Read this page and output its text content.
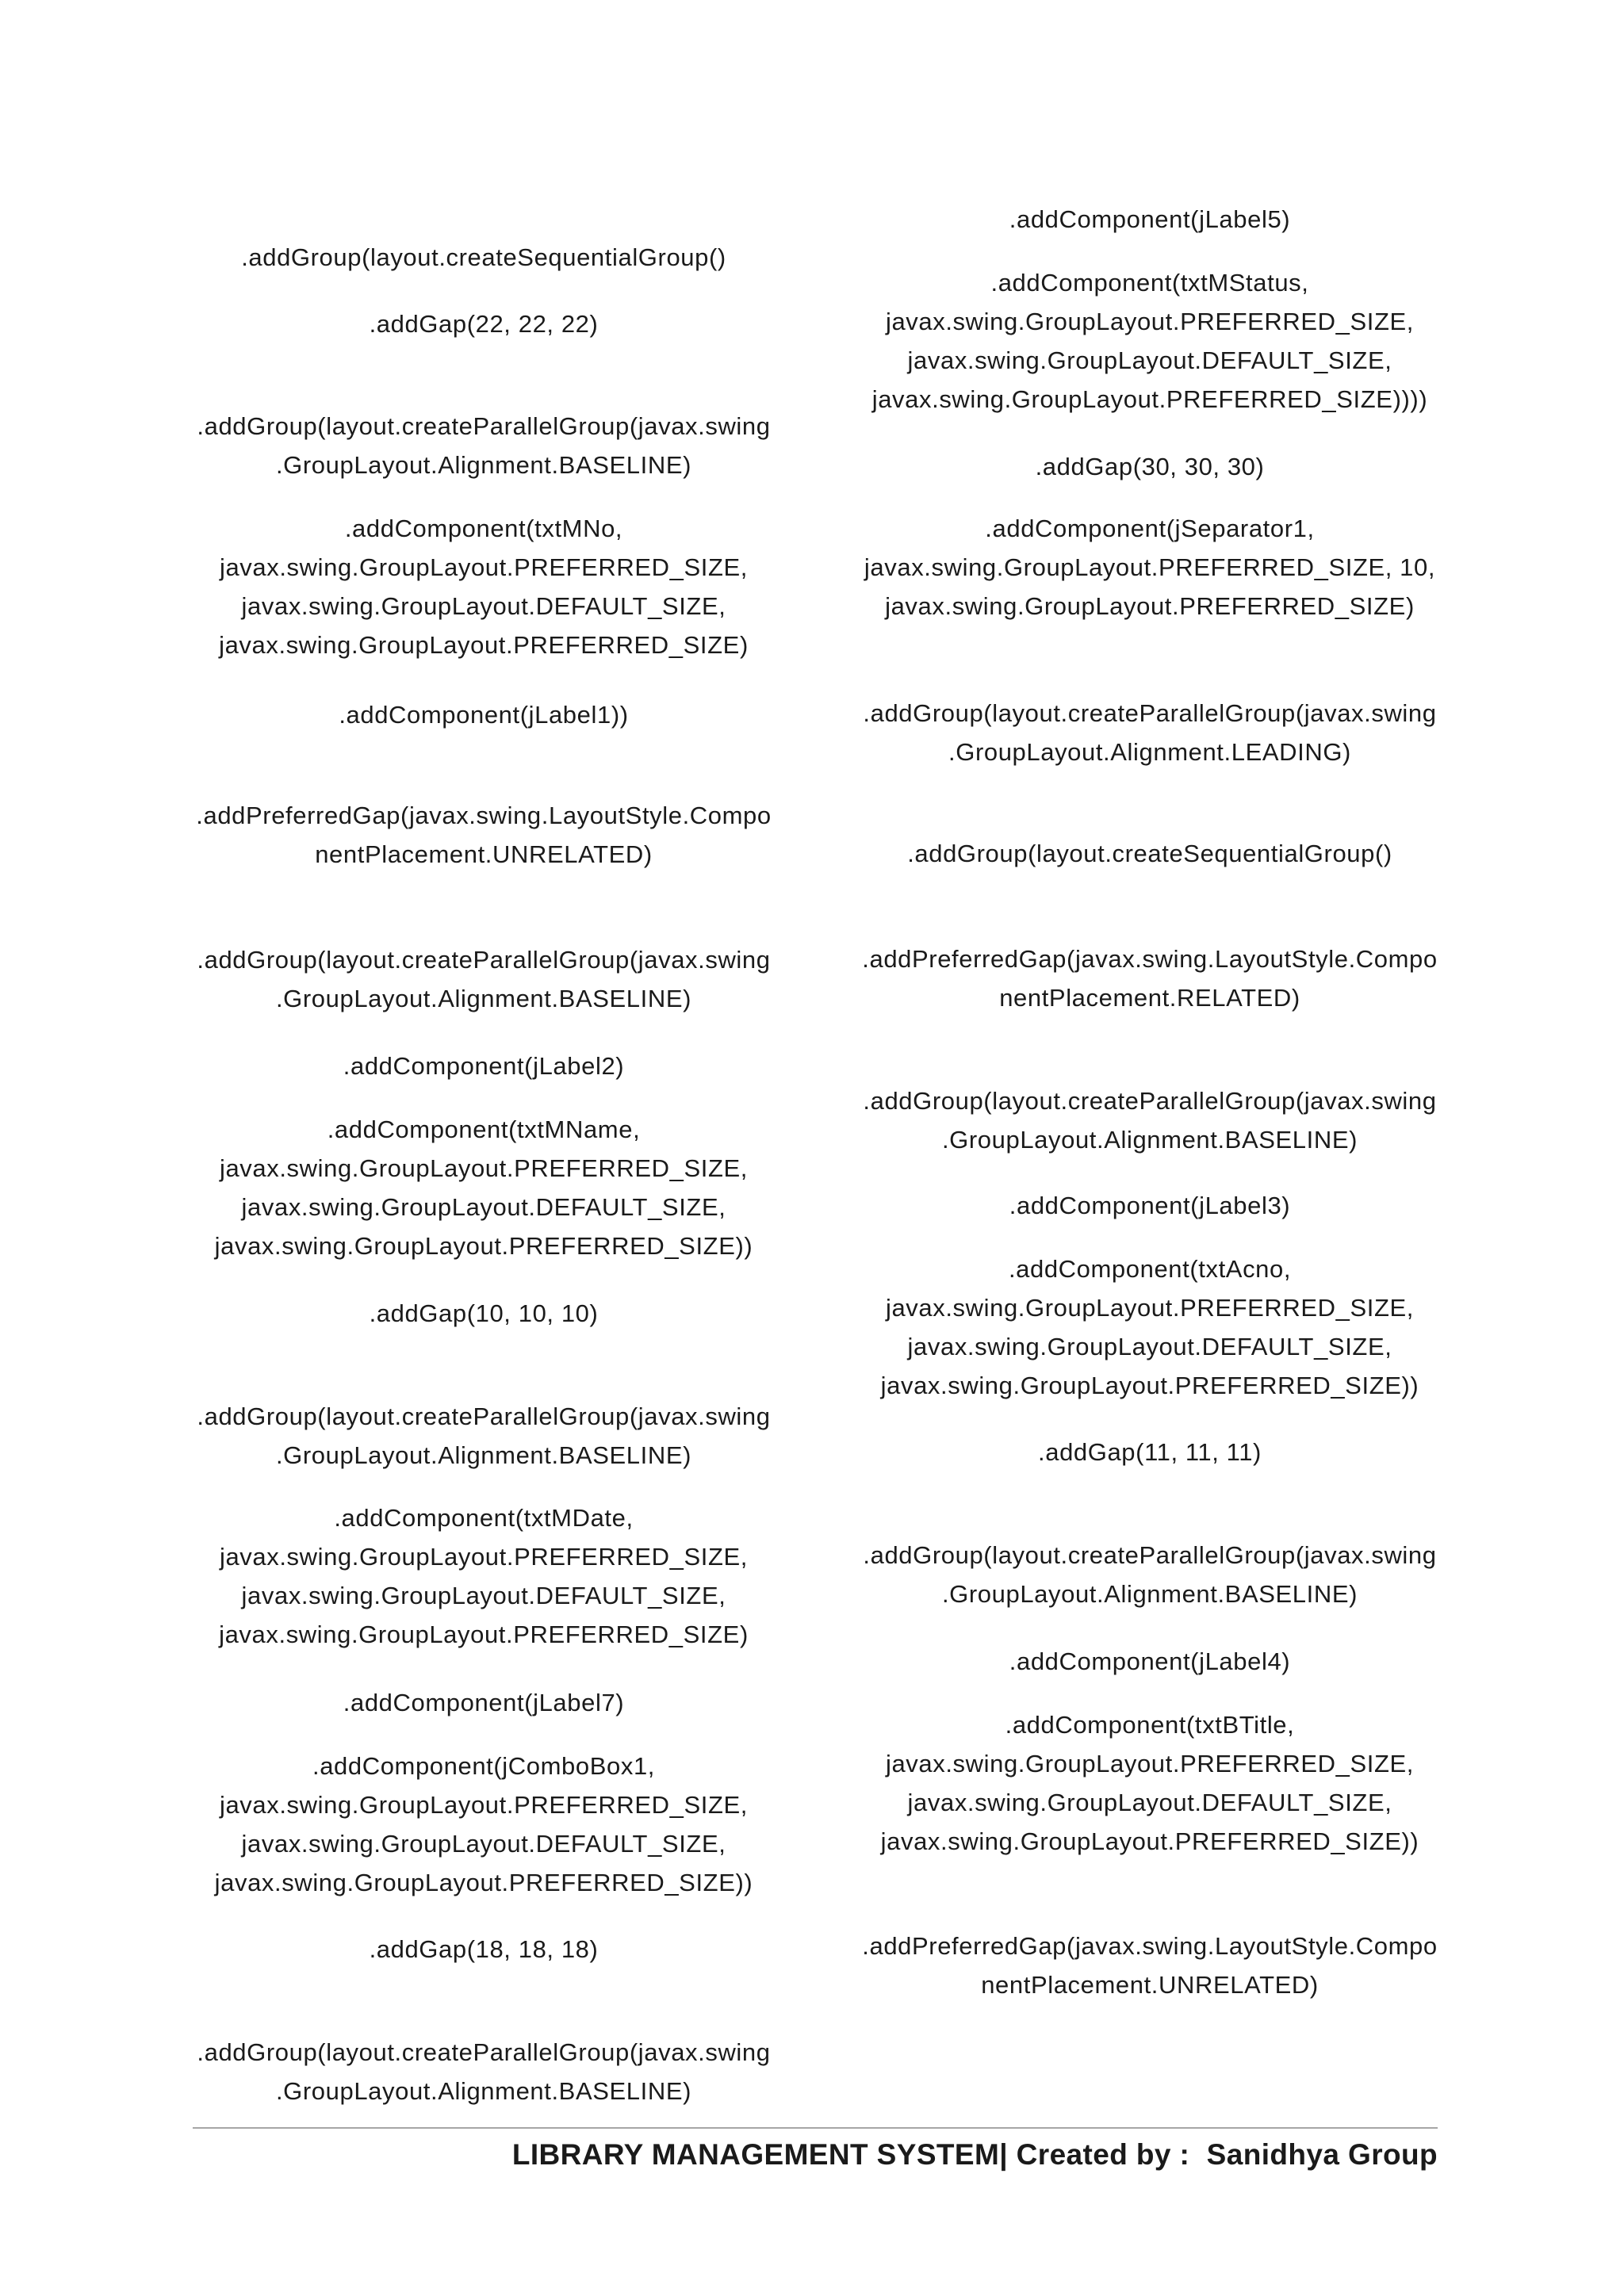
.addGroup(layout.createSequentialGroup()

.addGap(22, 22, 22)

.addGroup(layout.createParallelGroup(javax.swing
.GroupLayout.Alignment.BASELINE)

.addComponent(txtMNo,
javax.swing.GroupLayout.PREFERRED_SIZE,
javax.swing.GroupLayout.DEFAULT_SIZE,
javax.swing.GroupLayout.PREFERRED_SIZE)

.addComponent(jLabel1))

.addPreferredGap(javax.swing.LayoutStyle.Compo
nentPlacement.UNRELATED)

.addGroup(layout.createParallelGroup(javax.swing
.GroupLayout.Alignment.BASELINE)

.addComponent(jLabel2)

.addComponent(txtMName,
javax.swing.GroupLayout.PREFERRED_SIZE,
javax.swing.GroupLayout.DEFAULT_SIZE,
javax.swing.GroupLayout.PREFERRED_SIZE))

.addGap(10, 10, 10)

.addGroup(layout.createParallelGroup(javax.swing
.GroupLayout.Alignment.BASELINE)

.addComponent(txtMDate,
javax.swing.GroupLayout.PREFERRED_SIZE,
javax.swing.GroupLayout.DEFAULT_SIZE,
javax.swing.GroupLayout.PREFERRED_SIZE)

.addComponent(jLabel7)

.addComponent(jComboBox1,
javax.swing.GroupLayout.PREFERRED_SIZE,
javax.swing.GroupLayout.DEFAULT_SIZE,
javax.swing.GroupLayout.PREFERRED_SIZE))

.addGap(18, 18, 18)

.addGroup(layout.createParallelGroup(javax.swing
.GroupLayout.Alignment.BASELINE)

.addComponent(jLabel5)

.addComponent(txtMStatus,
javax.swing.GroupLayout.PREFERRED_SIZE,
javax.swing.GroupLayout.DEFAULT_SIZE,
javax.swing.GroupLayout.PREFERRED_SIZE))))

.addGap(30, 30, 30)

.addComponent(jSeparator1,
javax.swing.GroupLayout.PREFERRED_SIZE, 10,
javax.swing.GroupLayout.PREFERRED_SIZE)

.addGroup(layout.createParallelGroup(javax.swing
.GroupLayout.Alignment.LEADING)

.addGroup(layout.createSequentialGroup()

.addPreferredGap(javax.swing.LayoutStyle.Compo
nentPlacement.RELATED)

.addGroup(layout.createParallelGroup(javax.swing
.GroupLayout.Alignment.BASELINE)

.addComponent(jLabel3)

.addComponent(txtAcno,
javax.swing.GroupLayout.PREFERRED_SIZE,
javax.swing.GroupLayout.DEFAULT_SIZE,
javax.swing.GroupLayout.PREFERRED_SIZE))

.addGap(11, 11, 11)

.addGroup(layout.createParallelGroup(javax.swing
.GroupLayout.Alignment.BASELINE)

.addComponent(jLabel4)

.addComponent(txtBTitle,
javax.swing.GroupLayout.PREFERRED_SIZE,
javax.swing.GroupLayout.DEFAULT_SIZE,
javax.swing.GroupLayout.PREFERRED_SIZE))

.addPreferredGap(javax.swing.LayoutStyle.Compo
nentPlacement.UNRELATED)

LIBRARY MANAGEMENT SYSTEM| Created by :  Sanidhya Group
